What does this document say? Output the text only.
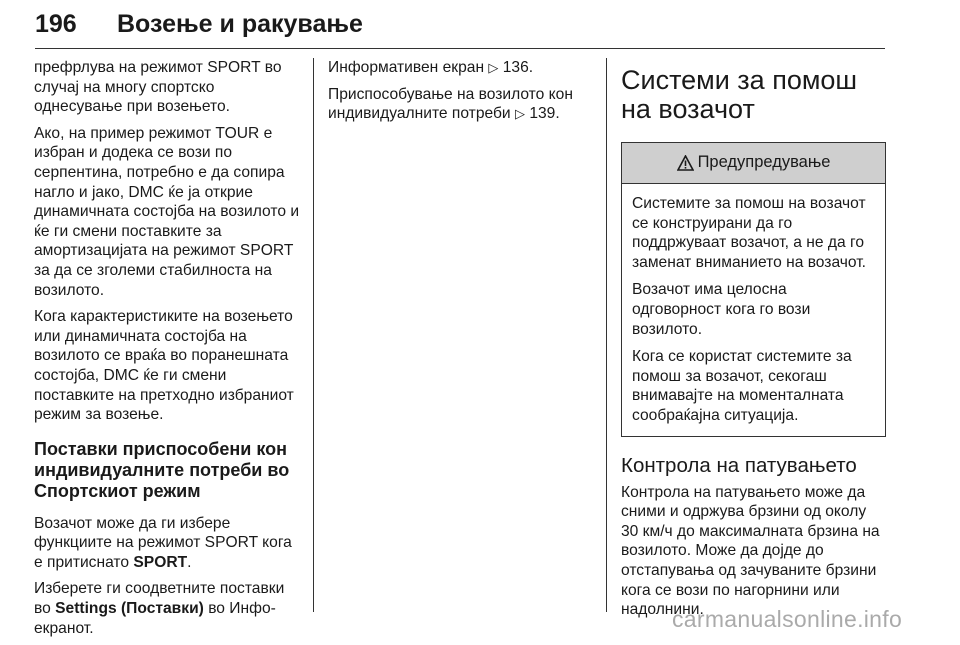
196 Возење и ракување

префрлува на режимот SPORT во случај на многу спортско однесување при возењето.

Ако, на пример режимот TOUR е избран и додека се вози по серпентина, потребно е да сопира нагло и јако, DMC ќе ја открие динамичната состојба на возилото и ќе ги смени поставките за амортизацијата на режимот SPORT за да се зголеми стабилноста на возилото.

Кога карактеристиките на возењето или динамичната состојба на возилото се враќа во поранешната состојба, DMC ќе ги смени поставките на претходно избраниот режим за возење.

Поставки приспособени кон индивидуалните потреби во Спортскиот режим

Возачот може да ги избере функциите на режимот SPORT кога е притиснато SPORT.

Изберете ги соодветните поставки во Settings (Поставки) во Инфо-екранот.

Информативен екран ▷ 136.

Приспособување на возилото кон индивидуалните потреби ▷ 139.

Системи за помош на возачот
Предупредување

Системите за помош на возачот се конструирани да го поддржуваат возачот, а не да го заменат вниманието на возачот.

Возачот има целосна одговорност кога го вози возилото.

Кога се користат системите за помош за возачот, секогаш внимавајте на моменталната сообраќајна ситуација.

Контрола на патувањето

Контрола на патувањето може да сними и одржува брзини од околу 30 км/ч до максималната брзина на возилото. Може да дојде до отстапувања од зачуваните брзини кога се вози по нагорнини или надолнини.

carmanualsonline.info
